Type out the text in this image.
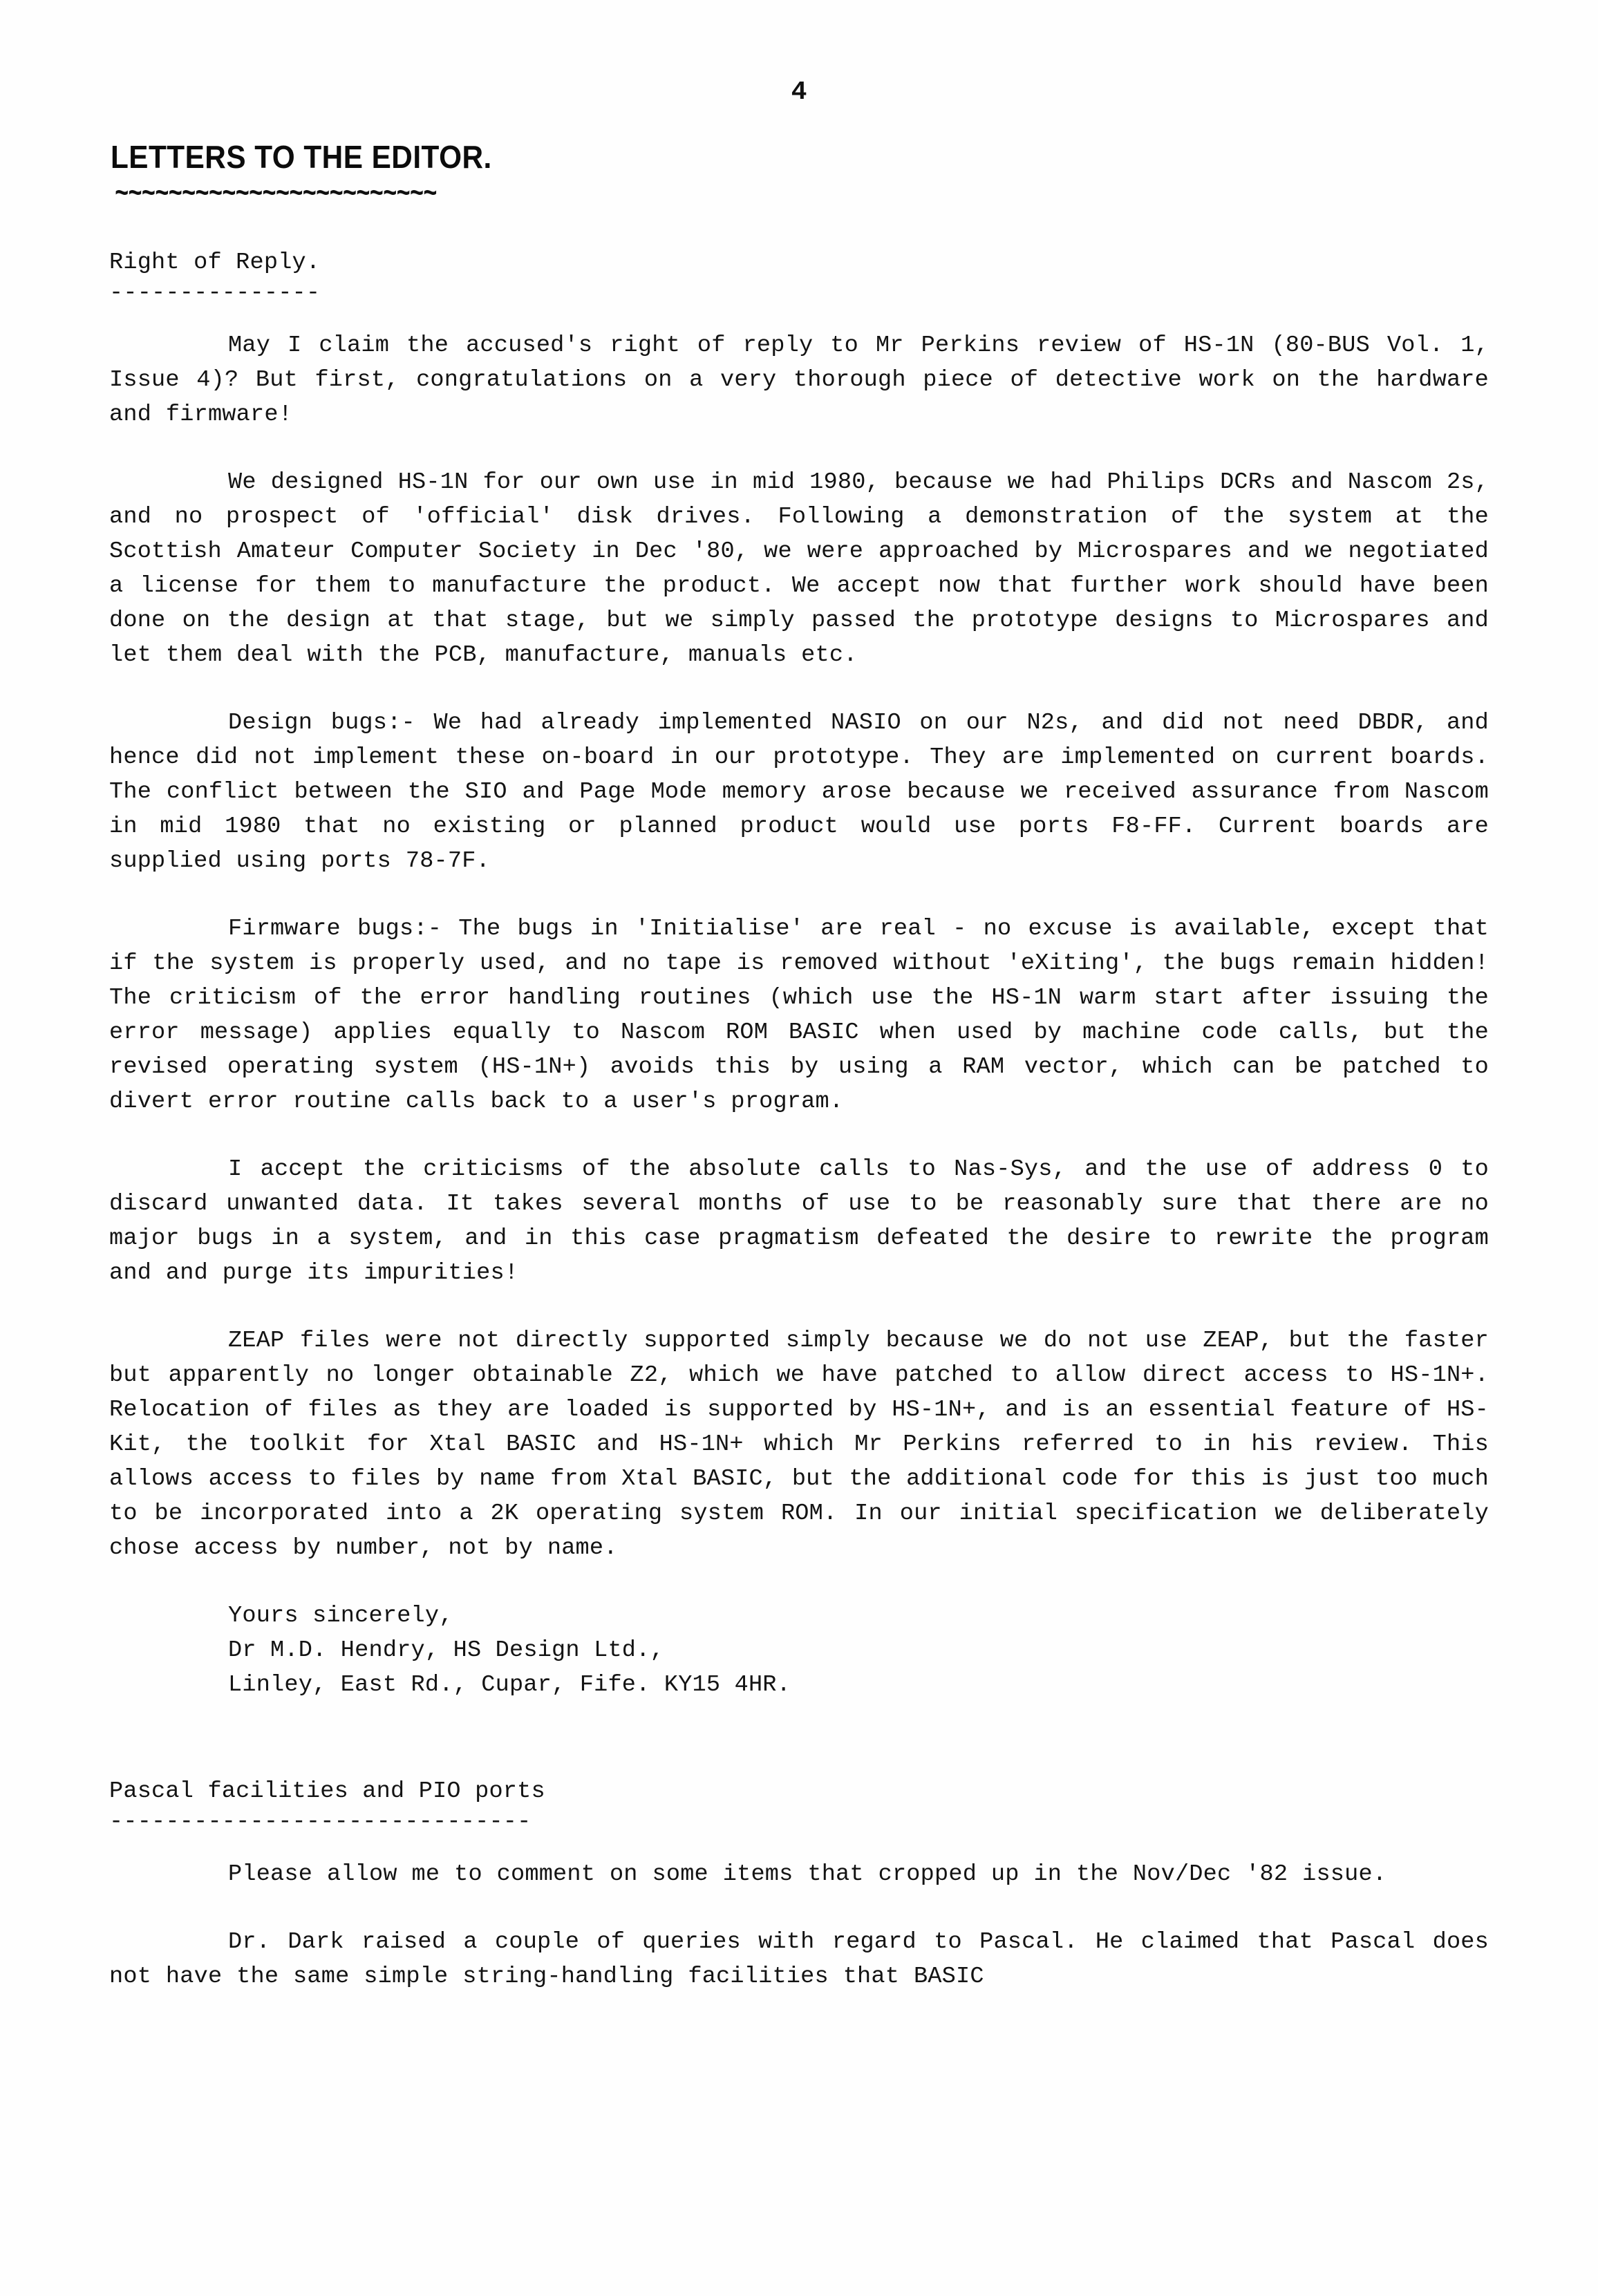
4
LETTERS TO THE EDITOR.
~~~~~~~~~~~~~~~~~~~~~~~~
Right of Reply.
---------------

May I claim the accused's right of reply to Mr Perkins review of HS-1N (80-BUS Vol. 1, Issue 4)? But first, congratulations on a very thorough piece of detective work on the hardware and firmware!

We designed HS-1N for our own use in mid 1980, because we had Philips DCRs and Nascom 2s, and no prospect of 'official' disk drives. Following a demonstration of the system at the Scottish Amateur Computer Society in Dec '80, we were approached by Microspares and we negotiated a license for them to manufacture the product. We accept now that further work should have been done on the design at that stage, but we simply passed the prototype designs to Microspares and let them deal with the PCB, manufacture, manuals etc.

Design bugs:- We had already implemented NASIO on our N2s, and did not need DBDR, and hence did not implement these on-board in our prototype. They are implemented on current boards. The conflict between the SIO and Page Mode memory arose because we received assurance from Nascom in mid 1980 that no existing or planned product would use ports F8-FF. Current boards are supplied using ports 78-7F.

Firmware bugs:- The bugs in 'Initialise' are real - no excuse is available, except that if the system is properly used, and no tape is removed without 'eXiting', the bugs remain hidden! The criticism of the error handling routines (which use the HS-1N warm start after issuing the error message) applies equally to Nascom ROM BASIC when used by machine code calls, but the revised operating system (HS-1N+) avoids this by using a RAM vector, which can be patched to divert error routine calls back to a user's program.

I accept the criticisms of the absolute calls to Nas-Sys, and the use of address 0 to discard unwanted data. It takes several months of use to be reasonably sure that there are no major bugs in a system, and in this case pragmatism defeated the desire to rewrite the program and and purge its impurities!

ZEAP files were not directly supported simply because we do not use ZEAP, but the faster but apparently no longer obtainable Z2, which we have patched to allow direct access to HS-1N+. Relocation of files as they are loaded is supported by HS-1N+, and is an essential feature of HS-Kit, the toolkit for Xtal BASIC and HS-1N+ which Mr Perkins referred to in his review. This allows access to files by name from Xtal BASIC, but the additional code for this is just too much to be incorporated into a 2K operating system ROM. In our initial specification we deliberately chose access by number, not by name.

Yours sincerely,
Dr M.D. Hendry, HS Design Ltd.,
Linley, East Rd., Cupar, Fife. KY15 4HR.
Pascal facilities and PIO ports
------------------------------

Please allow me to comment on some items that cropped up in the Nov/Dec '82 issue.

Dr. Dark raised a couple of queries with regard to Pascal. He claimed that Pascal does not have the same simple string-handling facilities that BASIC
